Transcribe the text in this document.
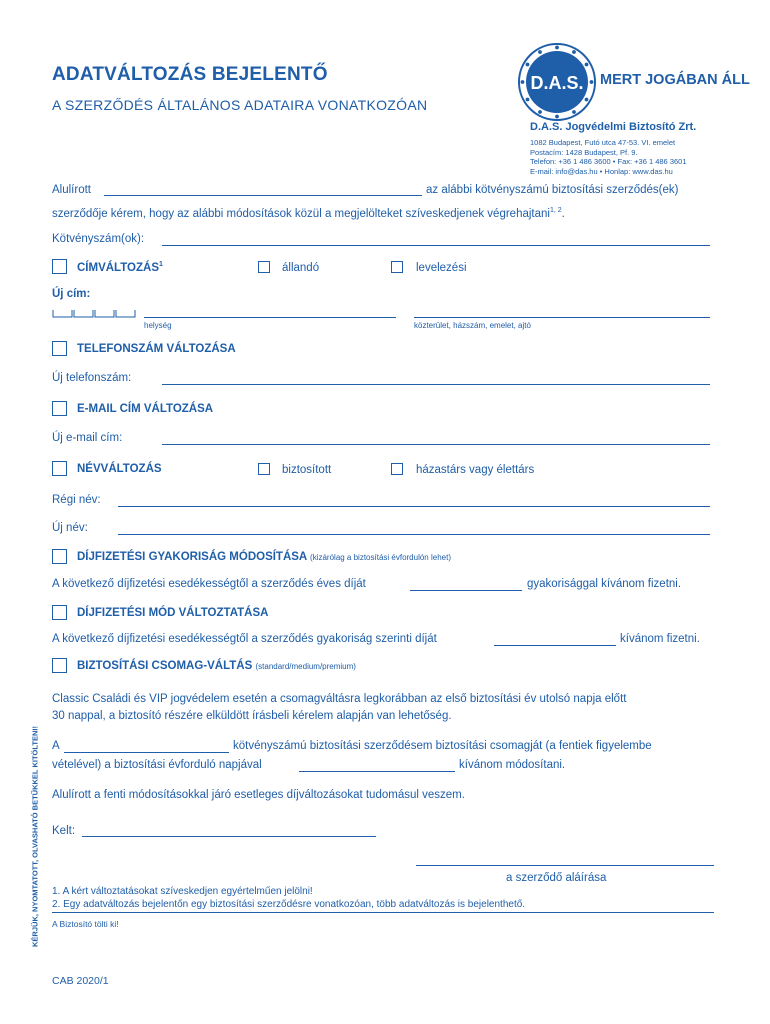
ADATVÁLTOZÁS BEJELENTŐ
A SZERZŐDÉS ÁLTALÁNOS ADATAIRA VONATKOZÓAN
D.A.S. MERT JOGÁBAN ÁLL
D.A.S. Jogvédelmi Biztosító Zrt.
1082 Budapest, Futó utca 47-53. VI. emelet
Postacím: 1428 Budapest, Pf. 9.
Telefon: +36 1 486 3600 • Fax: +36 1 486 3601
E-mail: info@das.hu • Honlap: www.das.hu
Alulírott	az alábbi kötvényszámú biztosítási szerződés(ek)
szerződője kérem, hogy az alábbi módosítások közül a megjelölteket szíveskedjenek végrehajtani$^{1, 2}$.
Kötvényszám(ok):
CÍMVÁLTOZÁS$^1$	állandó	levelezési
Új cím:
helység	közterület, házszám, emelet, ajtó
TELEFONSZÁM VÁLTOZÁSA
Új telefonszám:
E-MAIL CÍM VÁLTOZÁSA
Új e-mail cím:
NÉVVÁLTOZÁS	biztosított	házastárs vagy élettárs
Régi név:
Új név:
DÍJFIZETÉSI GYAKORISÁG MÓDOSÍTÁSA (kizárólag a biztosítási évfordulón lehet)
A következő díjfizetési esedékességtől a szerződés éves díját	gyakorisággal kívánom fizetni.
DÍJFIZETÉSI MÓD VÁLTOZTATÁSA
A következő díjfizetési esedékességtől a szerződés gyakoriság szerinti díját	kívánom fizetni.
BIZTOSÍTÁSI CSOMAG-VÁLTÁS (standard/medium/premium)
Classic Családi és VIP jogvédelem esetén a csomagváltásra legkorábban az első biztosítási év utolsó napja előtt
30 nappal, a biztosító részére elküldött írásbeli kérelem alapján van lehetőség.
A	kötvényszámú biztosítási szerződésem biztosítási csomagját (a fentiek figyelembe
vételével) a biztosítási évforduló napjával	kívánom módosítani.
Alulírott a fenti módosításokkal járó esetleges díjváltozásokat tudomásul veszem.
Kelt:
a szerződő aláírása
1. A kért változtatásokat szíveskedjen egyértelműen jelölni!
2. Egy adatváltozás bejelentőn egy biztosítási szerződésre vonatkozóan, több adatváltozás is bejelenthető.
A Biztosító tölti ki!
CAB 2020/1
KÉRJÜK, NYOMTATOTT, OLVASHATÓ BETŰKKEL KITÖLTENI!
